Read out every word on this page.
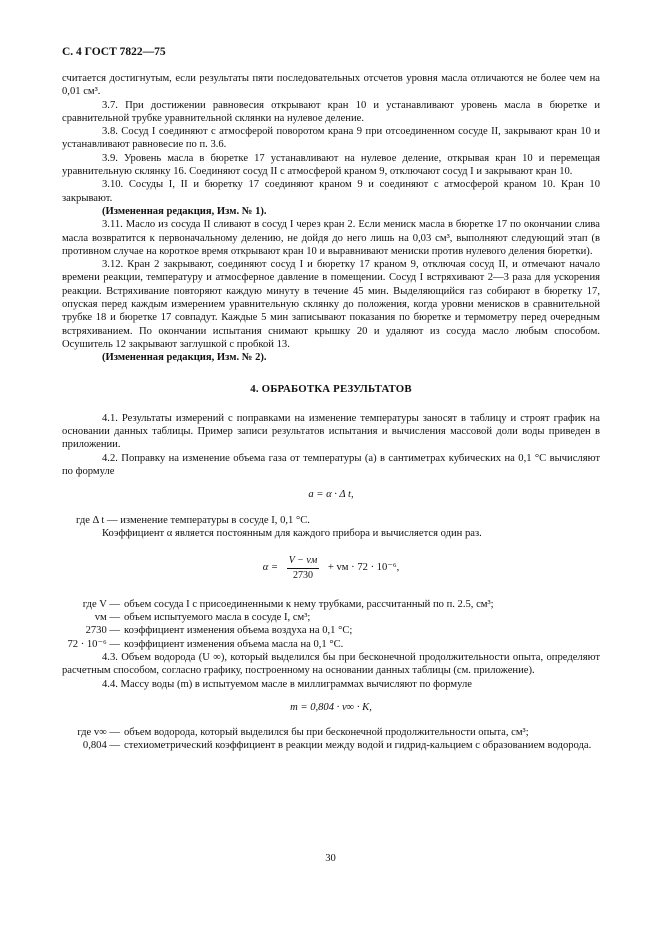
С. 4 ГОСТ 7822—75

считается достигнутым, если результаты пяти последовательных отсчетов уровня масла отличаются не более чем на 0,01 см³.

3.7. При достижении равновесия открывают кран 10 и устанавливают уровень масла в бюретке и сравнительной трубке уравнительной склянки на нулевое деление.

3.8. Сосуд I соединяют с атмосферой поворотом крана 9 при отсоединенном сосуде II, закрывают кран 10 и устанавливают равновесие по п. 3.6.

3.9. Уровень масла в бюретке 17 устанавливают на нулевое деление, открывая кран 10 и перемещая уравнительную склянку 16. Соединяют сосуд II с атмосферой краном 9, отключают сосуд I и закрывают кран 10.

3.10. Сосуды I, II и бюретку 17 соединяют краном 9 и соединяют с атмосферой краном 10. Кран 10 закрывают.

(Измененная редакция, Изм. № 1).

3.11. Масло из сосуда II сливают в сосуд I через кран 2. Если мениск масла в бюретке 17 по окончании слива масла возвратится к первоначальному делению, не дойдя до него лишь на 0,03 см³, выполняют следующий этап (в противном случае на короткое время открывают кран 10 и выравнивают мениски против нулевого деления бюретки).

3.12. Кран 2 закрывают, соединяют сосуд I и бюретку 17 краном 9, отключая сосуд II, и отмечают начало времени реакции, температуру и атмосферное давление в помещении. Сосуд I встряхивают 2—3 раза для ускорения реакции. Встряхивание повторяют каждую минуту в течение 45 мин. Выделяющийся газ собирают в бюретку 17, опуская перед каждым измерением уравнительную склянку до положения, когда уровни менисков в сравнительной трубке 18 и бюретке 17 совпадут. Каждые 5 мин записывают показания по бюретке и термометру перед очередным встряхиванием. По окончании испытания снимают крышку 20 и удаляют из сосуда масло любым способом. Осушитель 12 закрывают заглушкой с пробкой 13.

(Измененная редакция, Изм. № 2).

4. ОБРАБОТКА РЕЗУЛЬТАТОВ

4.1. Результаты измерений с поправками на изменение температуры заносят в таблицу и строят график на основании данных таблицы. Пример записи результатов испытания и вычисления массовой доли воды приведен в приложении.

4.2. Поправку на изменение объема газа от температуры (a) в сантиметрах кубических на 0,1 °С вычисляют по формуле

a = α · Δ t,

где Δ t — изменение температуры в сосуде I, 0,1 °С.

Коэффициент α является постоянным для каждого прибора и вычисляется один раз.

$\alpha = \frac{V - vм}{2730}$ + vм · 72 · 10⁻⁶,
где V — объем сосуда I с присоединенными к нему трубками, рассчитанный по п. 2.5, см³;
vм — объем испытуемого масла в сосуде I, см³;
2730 — коэффициент изменения объема воздуха на 0,1 °С;
72 · 10⁻⁶ — коэффициент изменения объема масла на 0,1 °С.

4.3. Объем водорода (U ∞), который выделился бы при бесконечной продолжительности опыта, определяют расчетным способом, согласно графику, построенному на основании данных таблицы (см. приложение).

4.4. Массу воды (m) в испытуемом масле в миллиграммах вычисляют по формуле

m = 0,804 · v∞ · K,
где v∞ — объем водорода, который выделился бы при бесконечной продолжительности опыта, см³;
0,804 — стехиометрический коэффициент в реакции между водой и гидрид-кальцием с образованием водорода.
30
